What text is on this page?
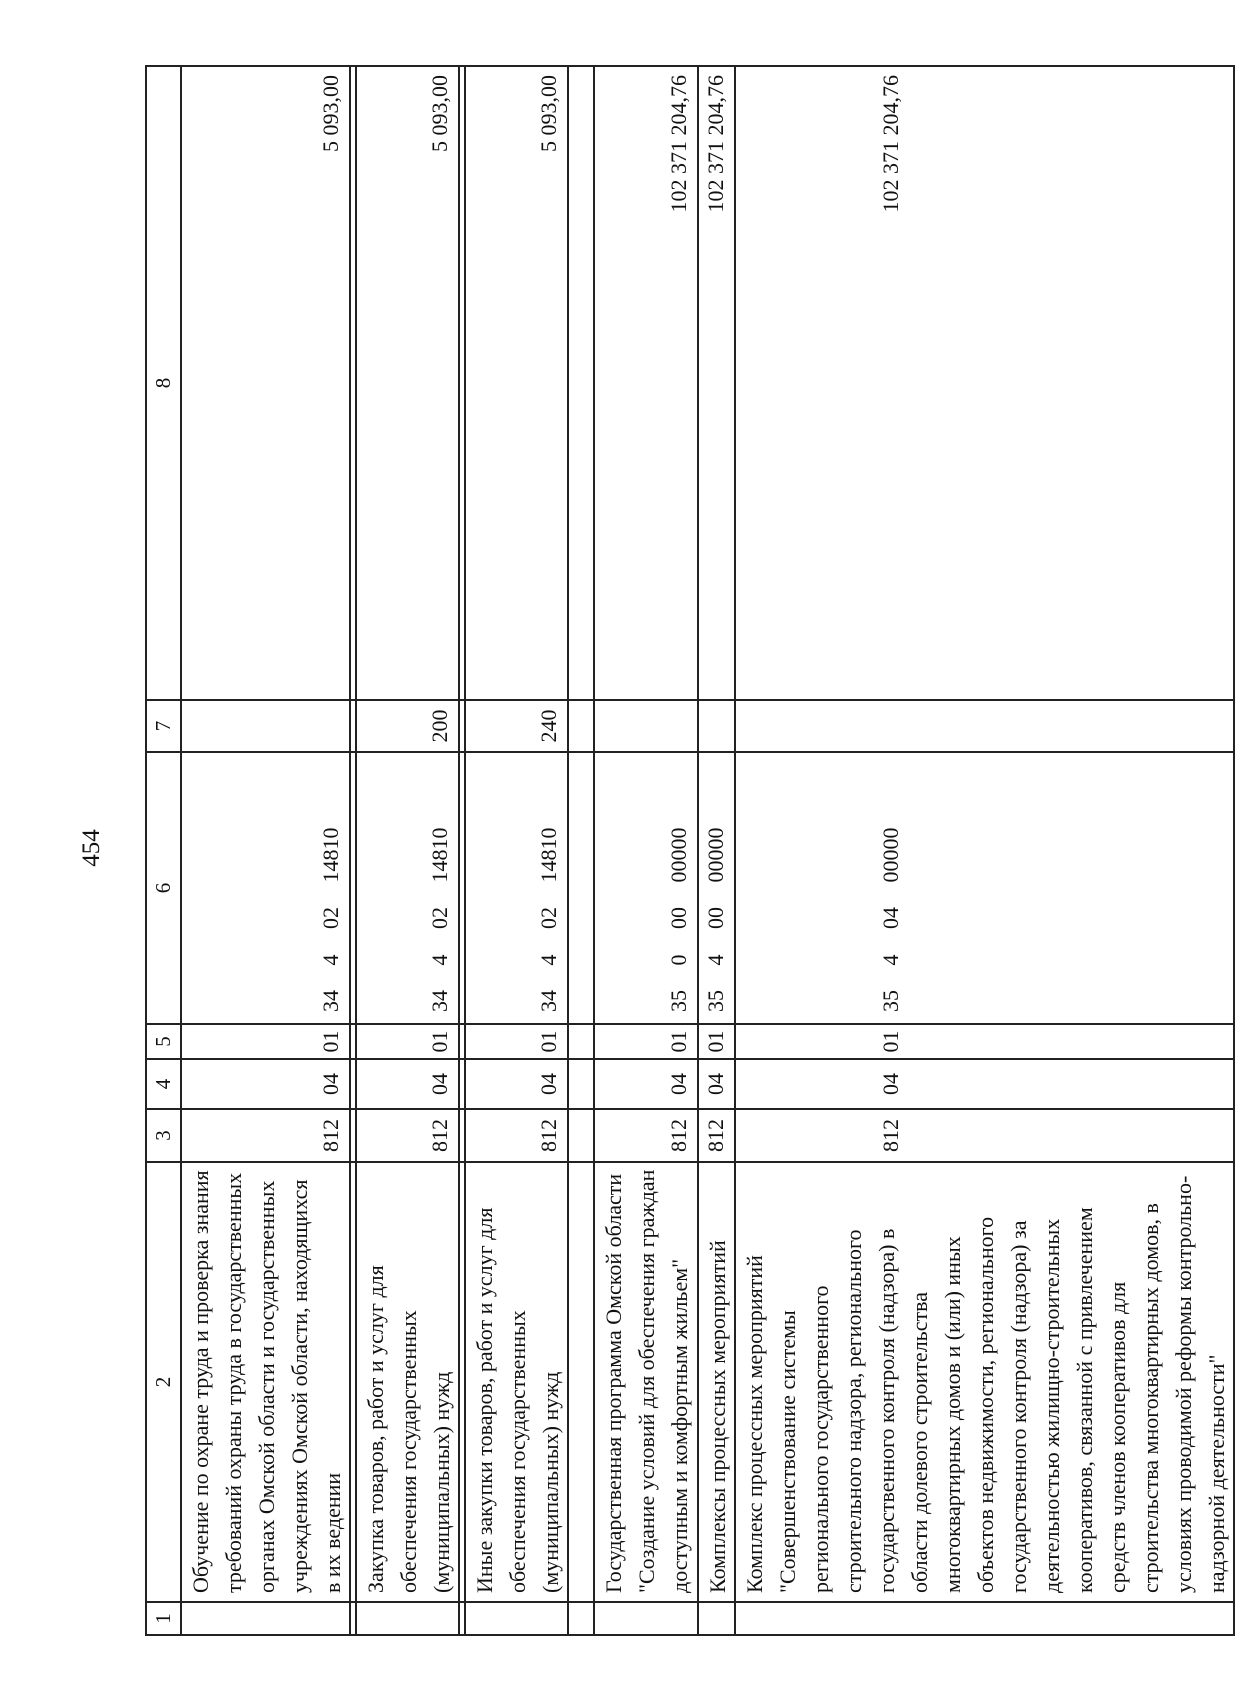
454
1	2	3	4	5	6	7	8
	Обучение по охране труда и проверка знания требований охраны труда в государственных органах Омской области и государственных учреждениях Омской области, находящихся в их ведении	812	04	01	3440214810		5 093,00

	Закупка товаров, работ и услуг для обеспечения государственных (муниципальных) нужд	812	04	01	3440214810	200	5 093,00

	Иные закупки товаров, работ и услуг для обеспечения государственных (муниципальных) нужд	812	04	01	3440214810	240	5 093,00

	Государственная программа Омской области "Создание условий для обеспечения граждан доступным и комфортным жильем"	812	04	01	3500000000		102 371 204,76
	Комплексы процессных мероприятий	812	04	01	3540000000		102 371 204,76
	Комплекс процессных мероприятий "Совершенствование системы регионального государственного строительного надзора, регионального государственного контроля (надзора) в области долевого строительства многоквартирных домов и (или) иных объектов недвижимости, регионального государственного контроля (надзора) за деятельностью жилищно-строительных кооперативов, связанной с привлечением средств членов кооперативов для строительства многоквартирных домов, в условиях проводимой реформы контрольно-надзорной деятельности"	812	04	01	3540400000		102 371 204,76
